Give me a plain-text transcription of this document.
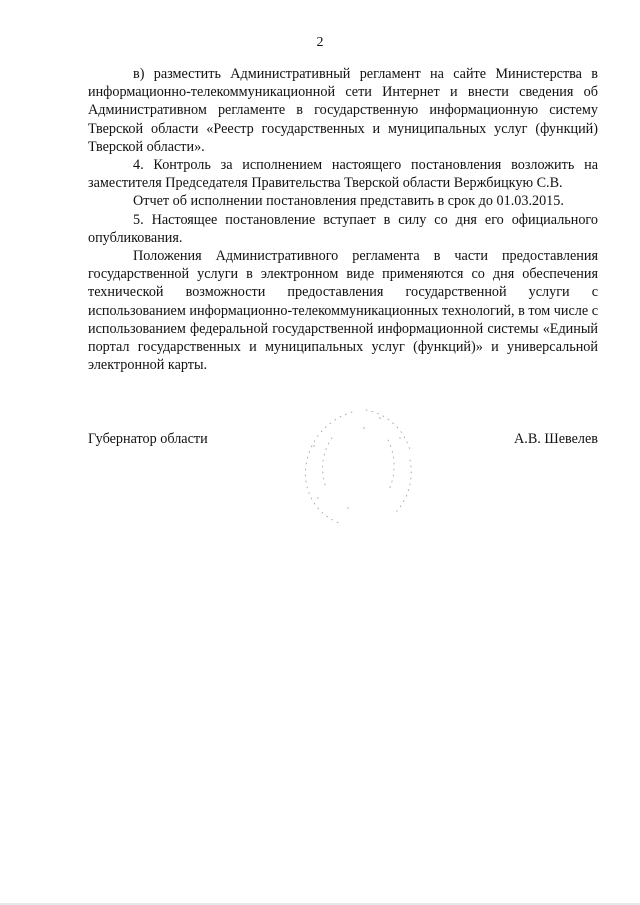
2

в) разместить Административный регламент на сайте Министерства в информационно-телекоммуникационной сети Интернет и внести сведения об Административном регламенте в государственную информационную систему Тверской области «Реестр государственных и муниципальных услуг (функций) Тверской области».

4. Контроль за исполнением настоящего постановления возложить на заместителя Председателя Правительства Тверской области Вержбицкую С.В.

Отчет об исполнении постановления представить в срок до 01.03.2015.

5. Настоящее постановление вступает в силу со дня его официального опубликования.

Положения Административного регламента в части предоставления государственной услуги в электронном виде применяются со дня обеспечения технической возможности предоставления государственной услуги с использованием информационно-телекоммуникационных технологий, в том числе с использованием федеральной государственной информационной системы «Единый портал государственных и муниципальных услуг (функций)» и универсальной электронной карты.

Губернатор области	А.В. Шевелев
